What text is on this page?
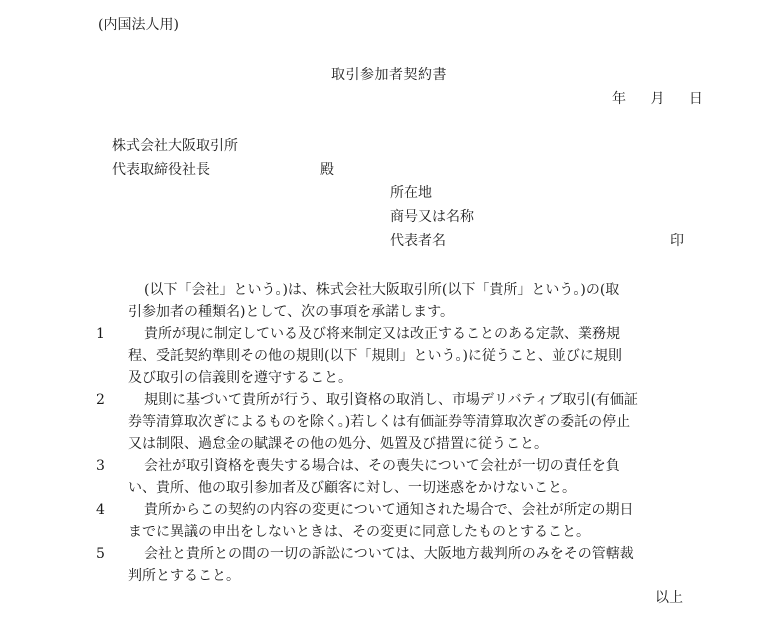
(内国法人用)
取引参加者契約書
年 月 日
株式会社大阪取引所
代表取締役社長	殿
所在地
商号又は名称
代表者名	印

(以下「会社」という。)は、株式会社大阪取引所(以下「貴所」という。)の(取

引参加者の種類名)として、次の事項を承諾します。

1	貴所が現に制定している及び将来制定又は改正することのある定款、業務規

程、受託契約準則その他の規則(以下「規則」という。)に従うこと、並びに規則

及び取引の信義則を遵守すること。

2	規則に基づいて貴所が行う、取引資格の取消し、市場デリバティブ取引(有価証

券等清算取次ぎによるものを除く。)若しくは有価証券等清算取次ぎの委託の停止

又は制限、過怠金の賦課その他の処分、処置及び措置に従うこと。

3	会社が取引資格を喪失する場合は、その喪失について会社が一切の責任を負

い、貴所、他の取引参加者及び顧客に対し、一切迷惑をかけないこと。

4	貴所からこの契約の内容の変更について通知された場合で、会社が所定の期日

までに異議の申出をしないときは、その変更に同意したものとすること。

5	会社と貴所との間の一切の訴訟については、大阪地方裁判所のみをその管轄裁

判所とすること。

以上
